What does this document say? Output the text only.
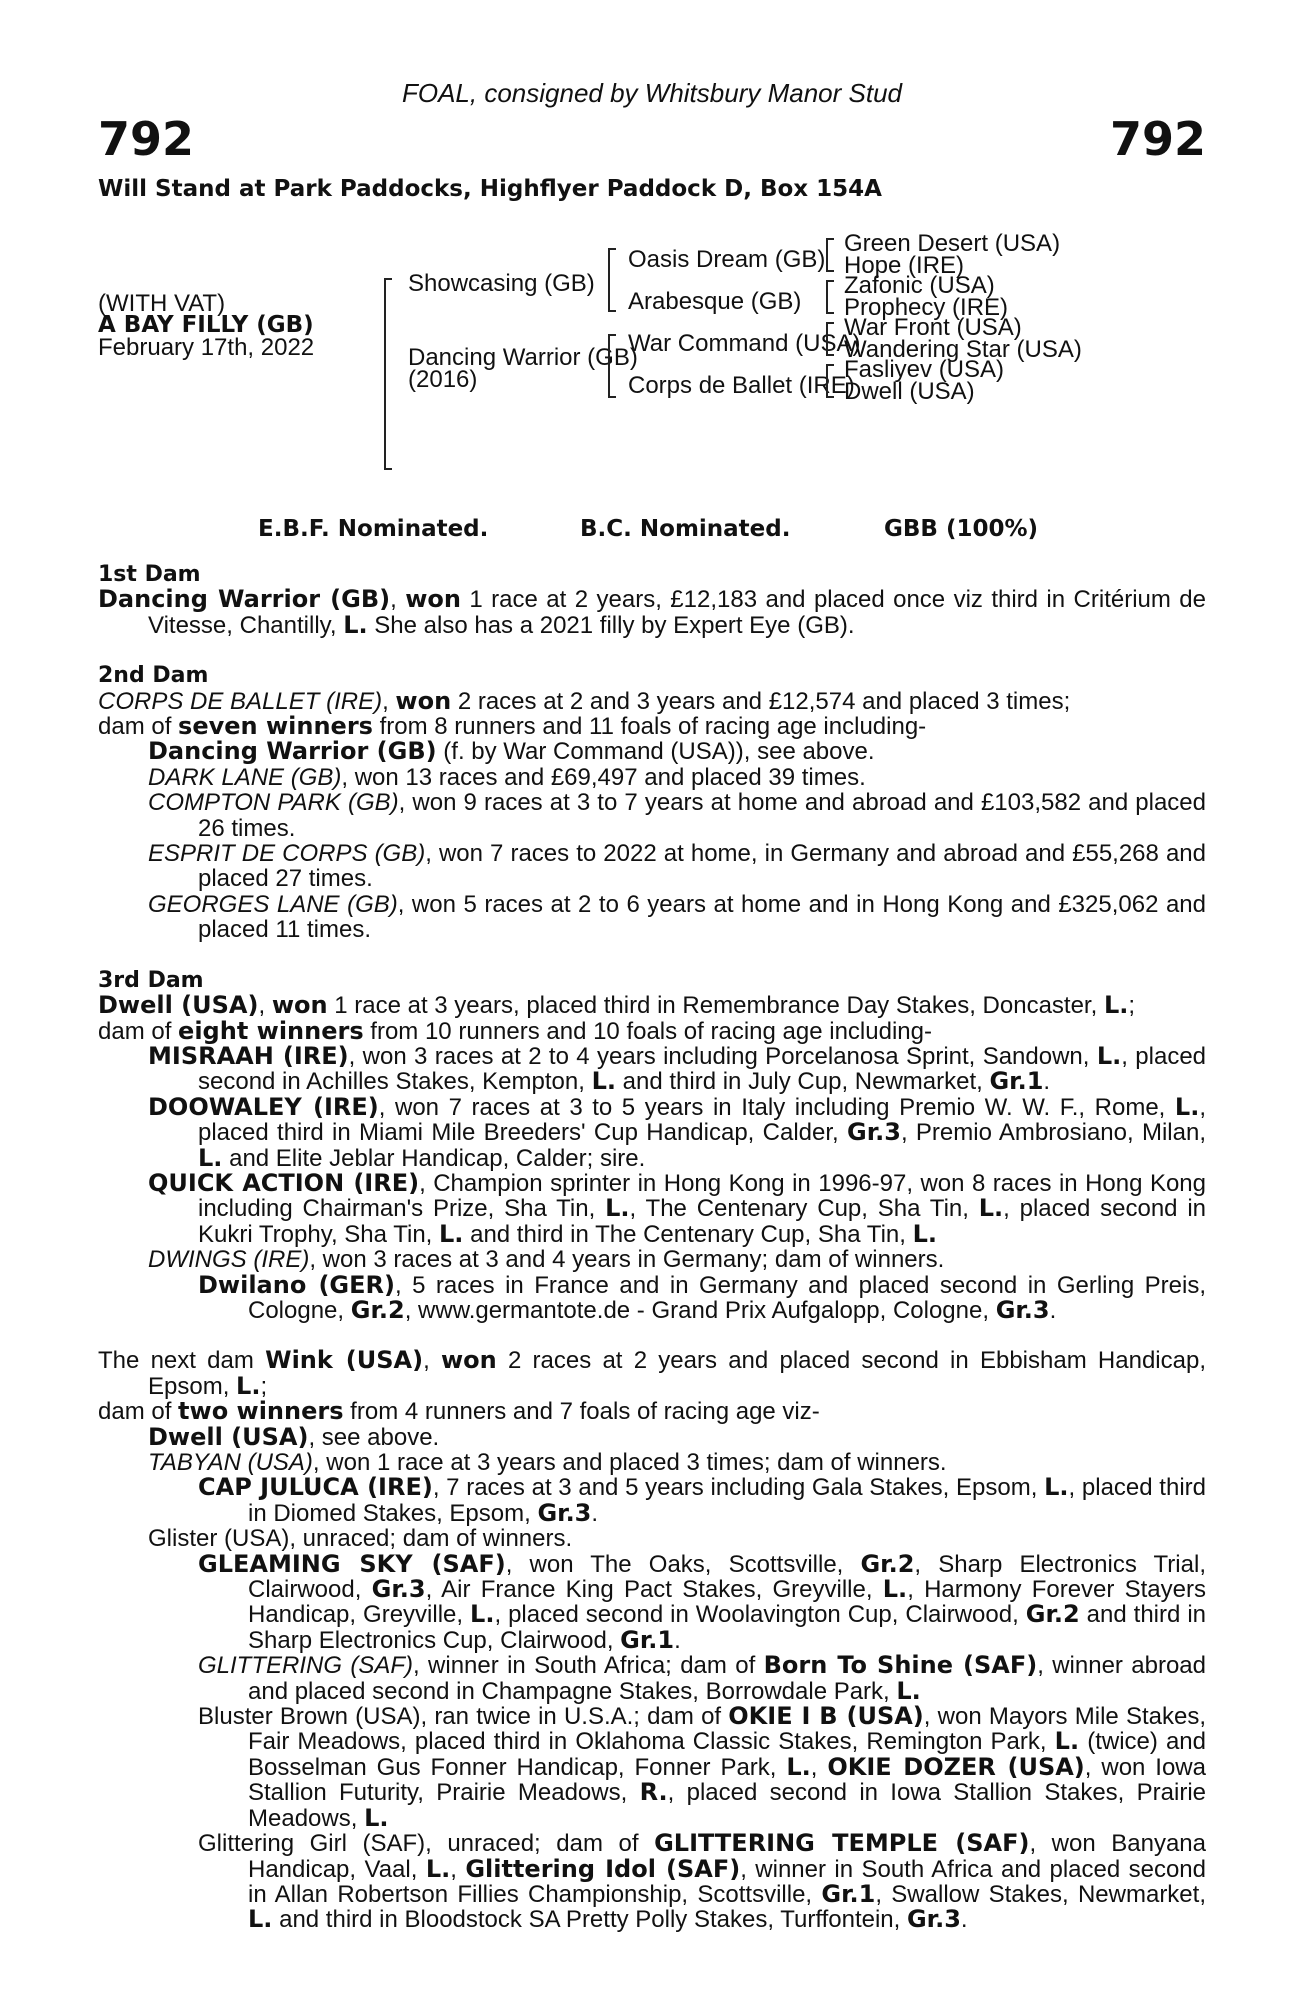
FOAL, consigned by Whitsbury Manor Stud
792	792
Will Stand at Park Paddocks, Highflyer Paddock D, Box 154A
(WITH VAT)
A BAY FILLY (GB)
February 17th, 2022
Showcasing (GB)
Dancing Warrior (GB)
(2016)
Oasis Dream (GB)
Arabesque (GB)
War Command (USA)
Corps de Ballet (IRE)
Green Desert (USA)
Hope (IRE)
Zafonic (USA)
Prophecy (IRE)
War Front (USA)
Wandering Star (USA)
Fasliyev (USA)
Dwell (USA)
E.B.F. Nominated.	B.C. Nominated.	GBB (100%)
1st Dam
Dancing Warrior (GB), won 1 race at 2 years, £12,183 and placed once viz third in Critérium de Vitesse, Chantilly, L. She also has a 2021 filly by Expert Eye (GB).
2nd Dam
CORPS DE BALLET (IRE), won 2 races at 2 and 3 years and £12,574 and placed 3 times;
dam of seven winners from 8 runners and 11 foals of racing age including-
Dancing Warrior (GB) (f. by War Command (USA)), see above.
DARK LANE (GB), won 13 races and £69,497 and placed 39 times.
COMPTON PARK (GB), won 9 races at 3 to 7 years at home and abroad and £103,582 and placed 26 times.
ESPRIT DE CORPS (GB), won 7 races to 2022 at home, in Germany and abroad and £55,268 and placed 27 times.
GEORGES LANE (GB), won 5 races at 2 to 6 years at home and in Hong Kong and £325,062 and placed 11 times.
3rd Dam
Dwell (USA), won 1 race at 3 years, placed third in Remembrance Day Stakes, Doncaster, L.;
dam of eight winners from 10 runners and 10 foals of racing age including-
MISRAAH (IRE), won 3 races at 2 to 4 years including Porcelanosa Sprint, Sandown, L., placed second in Achilles Stakes, Kempton, L. and third in July Cup, Newmarket, Gr.1.
DOOWALEY (IRE), won 7 races at 3 to 5 years in Italy including Premio W. W. F., Rome, L., placed third in Miami Mile Breeders' Cup Handicap, Calder, Gr.3, Premio Ambrosiano, Milan, L. and Elite Jeblar Handicap, Calder; sire.
QUICK ACTION (IRE), Champion sprinter in Hong Kong in 1996-97, won 8 races in Hong Kong including Chairman's Prize, Sha Tin, L., The Centenary Cup, Sha Tin, L., placed second in Kukri Trophy, Sha Tin, L. and third in The Centenary Cup, Sha Tin, L.
DWINGS (IRE), won 3 races at 3 and 4 years in Germany; dam of winners.
Dwilano (GER), 5 races in France and in Germany and placed second in Gerling Preis, Cologne, Gr.2, www.germantote.de - Grand Prix Aufgalopp, Cologne, Gr.3.
The next dam Wink (USA), won 2 races at 2 years and placed second in Ebbisham Handicap, Epsom, L.;
dam of two winners from 4 runners and 7 foals of racing age viz-
Dwell (USA), see above.
TABYAN (USA), won 1 race at 3 years and placed 3 times; dam of winners.
CAP JULUCA (IRE), 7 races at 3 and 5 years including Gala Stakes, Epsom, L., placed third in Diomed Stakes, Epsom, Gr.3.
Glister (USA), unraced; dam of winners.
GLEAMING SKY (SAF), won The Oaks, Scottsville, Gr.2, Sharp Electronics Trial, Clairwood, Gr.3, Air France King Pact Stakes, Greyville, L., Harmony Forever Stayers Handicap, Greyville, L., placed second in Woolavington Cup, Clairwood, Gr.2 and third in Sharp Electronics Cup, Clairwood, Gr.1.
GLITTERING (SAF), winner in South Africa; dam of Born To Shine (SAF), winner abroad and placed second in Champagne Stakes, Borrowdale Park, L.
Bluster Brown (USA), ran twice in U.S.A.; dam of OKIE I B (USA), won Mayors Mile Stakes, Fair Meadows, placed third in Oklahoma Classic Stakes, Remington Park, L. (twice) and Bosselman Gus Fonner Handicap, Fonner Park, L., OKIE DOZER (USA), won Iowa Stallion Futurity, Prairie Meadows, R., placed second in Iowa Stallion Stakes, Prairie Meadows, L.
Glittering Girl (SAF), unraced; dam of GLITTERING TEMPLE (SAF), won Banyana Handicap, Vaal, L., Glittering Idol (SAF), winner in South Africa and placed second in Allan Robertson Fillies Championship, Scottsville, Gr.1, Swallow Stakes, Newmarket, L. and third in Bloodstock SA Pretty Polly Stakes, Turffontein, Gr.3.
